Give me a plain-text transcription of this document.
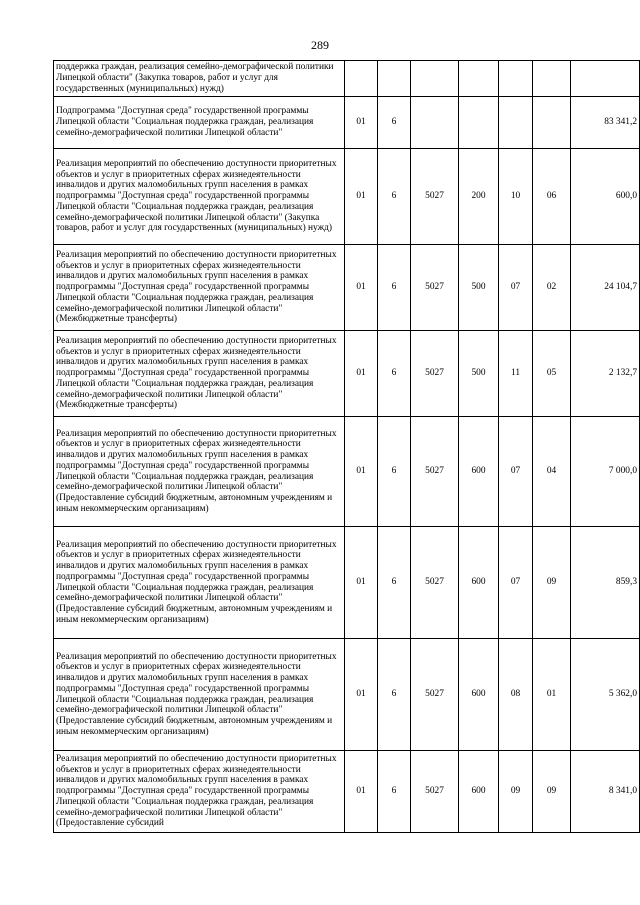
289
поддержка граждан, реализация семейно-демографической политики Липецкой области" (Закупка товаров, работ и услуг для государственных (муниципальных) нужд)							
Подпрограмма "Доступная среда" государственной программы Липецкой области "Социальная поддержка граждан, реализация семейно-демографической политики Липецкой области"	01	6					83 341,2
Реализация мероприятий по обеспечению доступности приоритетных объектов и услуг в приоритетных сферах жизнедеятельности инвалидов и других маломобильных групп населения в рамках подпрограммы "Доступная среда" государственной программы Липецкой области "Социальная поддержка граждан, реализация семейно-демографической политики Липецкой области" (Закупка товаров, работ и услуг для государственных (муниципальных) нужд)	01	6	5027	200	10	06	600,0
Реализация мероприятий по обеспечению доступности приоритетных объектов и услуг в приоритетных сферах жизнедеятельности инвалидов и других маломобильных групп населения в рамках подпрограммы "Доступная среда" государственной программы Липецкой области "Социальная поддержка граждан, реализация семейно-демографической политики Липецкой области" (Межбюджетные трансферты)	01	6	5027	500	07	02	24 104,7
Реализация мероприятий по обеспечению доступности приоритетных объектов и услуг в приоритетных сферах жизнедеятельности инвалидов и других маломобильных групп населения в рамках подпрограммы "Доступная среда" государственной программы Липецкой области "Социальная поддержка граждан, реализация семейно-демографической политики Липецкой области" (Межбюджетные трансферты)	01	6	5027	500	11	05	2 132,7
Реализация мероприятий по обеспечению доступности приоритетных объектов и услуг в приоритетных сферах жизнедеятельности инвалидов и других маломобильных групп населения в рамках подпрограммы "Доступная среда" государственной программы Липецкой области "Социальная поддержка граждан, реализация семейно-демографической политики Липецкой области" (Предоставление субсидий бюджетным, автономным учреждениям и иным некоммерческим организациям)	01	6	5027	600	07	04	7 000,0
Реализация мероприятий по обеспечению доступности приоритетных объектов и услуг в приоритетных сферах жизнедеятельности инвалидов и других маломобильных групп населения в рамках подпрограммы "Доступная среда" государственной программы Липецкой области "Социальная поддержка граждан, реализация семейно-демографической политики Липецкой области" (Предоставление субсидий бюджетным, автономным учреждениям и иным некоммерческим организациям)	01	6	5027	600	07	09	859,3
Реализация мероприятий по обеспечению доступности приоритетных объектов и услуг в приоритетных сферах жизнедеятельности инвалидов и других маломобильных групп населения в рамках подпрограммы "Доступная среда" государственной программы Липецкой области "Социальная поддержка граждан, реализация семейно-демографической политики Липецкой области" (Предоставление субсидий бюджетным, автономным учреждениям и иным некоммерческим организациям)	01	6	5027	600	08	01	5 362,0
Реализация мероприятий по обеспечению доступности приоритетных объектов и услуг в приоритетных сферах жизнедеятельности инвалидов и других маломобильных групп населения в рамках подпрограммы "Доступная среда" государственной программы Липецкой области "Социальная поддержка граждан, реализация семейно-демографической политики Липецкой области" (Предоставление субсидий	01	6	5027	600	09	09	8 341,0
